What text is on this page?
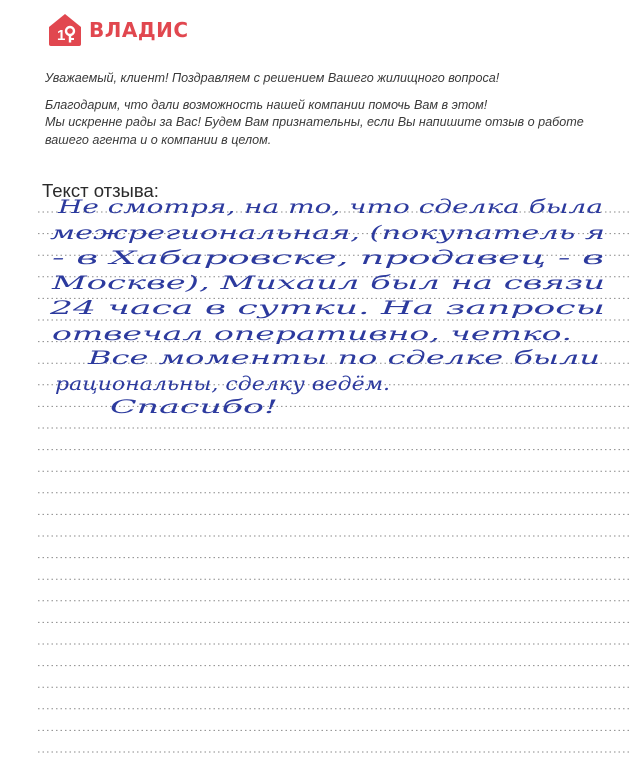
1 ВЛАДИС

Уважаемый, клиент! Поздравляем с решением Вашего жилищного вопроса!

Благодарим, что дали возможность нашей компании помочь Вам в этом!
Мы искренне рады за Вас! Будем Вам признательны, если Вы напишите отзыв о работе
вашего агента и о компании в целом.

Текст отзыва:
Не смотря, на то, что сделка была
межрегиональная, (покупатель я
- в Хабаровске, продавец - в
Москве), Михаил был на связи
24 часа в сутки. На запросы
отвечал оперативно, четко.
Все моменты по сделке были
рациональны, сделку ведём.
Спасибо!
